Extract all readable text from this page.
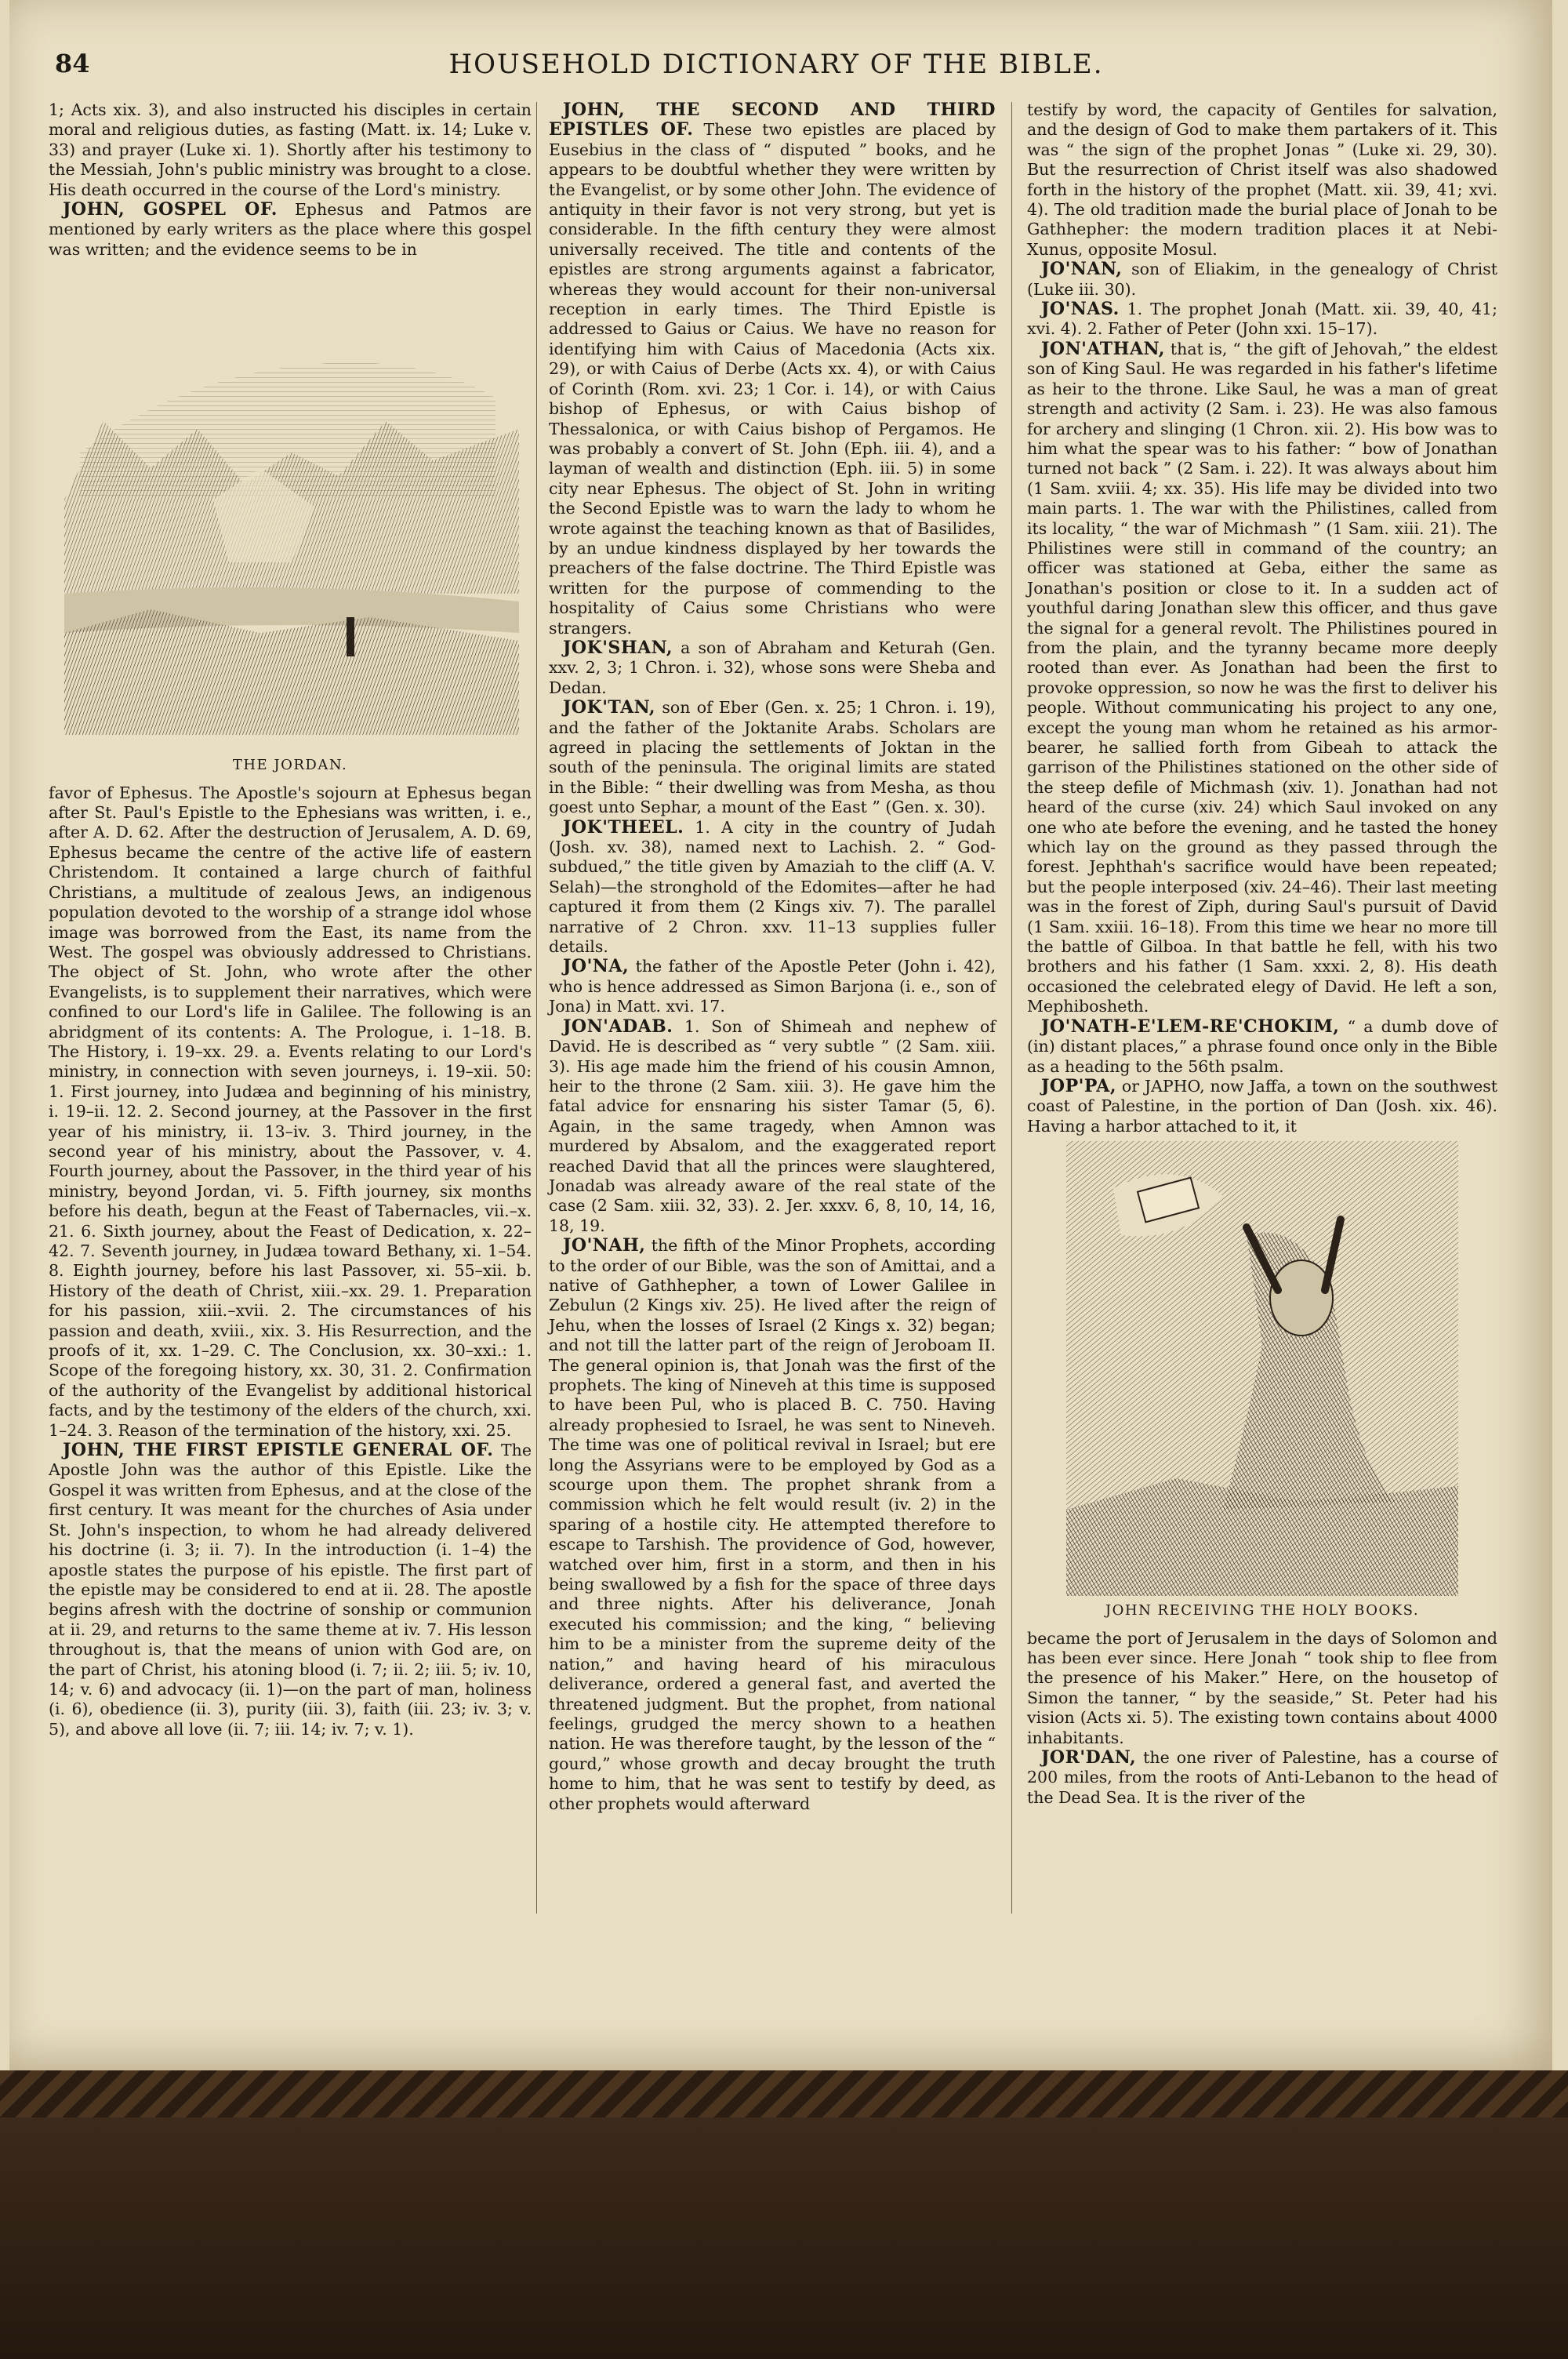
HOUSEHOLD DICTIONARY OF THE BIBLE.
84

1; Acts xix. 3), and also instructed his disciples in certain moral and religious duties, as fasting (Matt. ix. 14; Luke v. 33) and prayer (Luke xi. 1). Shortly after his testimony to the Messiah, John's public ministry was brought to a close. His death occurred in the course of the Lord's ministry.

JOHN, GOSPEL OF. Ephesus and Patmos are mentioned by early writers as the place where this gospel was written; and the evidence seems to be in

THE JORDAN.

favor of Ephesus. The Apostle's sojourn at Ephesus began after St. Paul's Epistle to the Ephesians was written, i. e., after A. D. 62. After the destruction of Jerusalem, A. D. 69, Ephesus became the centre of the active life of eastern Christendom. It contained a large church of faithful Christians, a multitude of zealous Jews, an indigenous population devoted to the worship of a strange idol whose image was borrowed from the East, its name from the West. The gospel was obviously addressed to Christians. The object of St. John, who wrote after the other Evangelists, is to supplement their narratives, which were confined to our Lord's life in Galilee. The following is an abridgment of its contents: A. The Prologue, i. 1–18. B. The History, i. 19–xx. 29. a. Events relating to our Lord's ministry, in connection with seven journeys, i. 19–xii. 50: 1. First journey, into Judæa and beginning of his ministry, i. 19–ii. 12. 2. Second journey, at the Passover in the first year of his ministry, ii. 13–iv. 3. Third journey, in the second year of his ministry, about the Passover, v. 4. Fourth journey, about the Passover, in the third year of his ministry, beyond Jordan, vi. 5. Fifth journey, six months before his death, begun at the Feast of Tabernacles, vii.–x. 21. 6. Sixth journey, about the Feast of Dedication, x. 22–42. 7. Seventh journey, in Judæa toward Bethany, xi. 1–54. 8. Eighth journey, before his last Passover, xi. 55–xii. b. History of the death of Christ, xiii.–xx. 29. 1. Preparation for his passion, xiii.–xvii. 2. The circumstances of his passion and death, xviii., xix. 3. His Resurrection, and the proofs of it, xx. 1–29. C. The Conclusion, xx. 30–xxi.: 1. Scope of the foregoing history, xx. 30, 31. 2. Confirmation of the authority of the Evangelist by additional historical facts, and by the testimony of the elders of the church, xxi. 1–24. 3. Reason of the termination of the history, xxi. 25.

JOHN, THE FIRST EPISTLE GENERAL OF. The Apostle John was the author of this Epistle. Like the Gospel it was written from Ephesus, and at the close of the first century. It was meant for the churches of Asia under St. John's inspection, to whom he had already delivered his doctrine (i. 3; ii. 7). In the introduction (i. 1–4) the apostle states the purpose of his epistle. The first part of the epistle may be considered to end at ii. 28. The apostle begins afresh with the doctrine of sonship or communion at ii. 29, and returns to the same theme at iv. 7. His lesson throughout is, that the means of union with God are, on the part of Christ, his atoning blood (i. 7; ii. 2; iii. 5; iv. 10, 14; v. 6) and advocacy (ii. 1)—on the part of man, holiness (i. 6), obedience (ii. 3), purity (iii. 3), faith (iii. 23; iv. 3; v. 5), and above all love (ii. 7; iii. 14; iv. 7; v. 1).

JOHN, THE SECOND AND THIRD EPISTLES OF. These two epistles are placed by Eusebius in the class of “ disputed ” books, and he appears to be doubtful whether they were written by the Evangelist, or by some other John. The evidence of antiquity in their favor is not very strong, but yet is considerable. In the fifth century they were almost universally received. The title and contents of the epistles are strong arguments against a fabricator, whereas they would account for their non-universal reception in early times. The Third Epistle is addressed to Gaius or Caius. We have no reason for identifying him with Caius of Macedonia (Acts xix. 29), or with Caius of Derbe (Acts xx. 4), or with Caius of Corinth (Rom. xvi. 23; 1 Cor. i. 14), or with Caius bishop of Ephesus, or with Caius bishop of Thessalonica, or with Caius bishop of Pergamos. He was probably a convert of St. John (Eph. iii. 4), and a layman of wealth and distinction (Eph. iii. 5) in some city near Ephesus. The object of St. John in writing the Second Epistle was to warn the lady to whom he wrote against the teaching known as that of Basilides, by an undue kindness displayed by her towards the preachers of the false doctrine. The Third Epistle was written for the purpose of commending to the hospitality of Caius some Christians who were strangers.

JOK'SHAN, a son of Abraham and Keturah (Gen. xxv. 2, 3; 1 Chron. i. 32), whose sons were Sheba and Dedan.

JOK'TAN, son of Eber (Gen. x. 25; 1 Chron. i. 19), and the father of the Joktanite Arabs. Scholars are agreed in placing the settlements of Joktan in the south of the peninsula. The original limits are stated in the Bible: “ their dwelling was from Mesha, as thou goest unto Sephar, a mount of the East ” (Gen. x. 30).

JOK'THEEL. 1. A city in the country of Judah (Josh. xv. 38), named next to Lachish. 2. “ God-subdued,” the title given by Amaziah to the cliff (A. V. Selah)—the stronghold of the Edomites—after he had captured it from them (2 Kings xiv. 7). The parallel narrative of 2 Chron. xxv. 11–13 supplies fuller details.

JO'NA, the father of the Apostle Peter (John i. 42), who is hence addressed as Simon Barjona (i. e., son of Jona) in Matt. xvi. 17.

JON'ADAB. 1. Son of Shimeah and nephew of David. He is described as “ very subtle ” (2 Sam. xiii. 3). His age made him the friend of his cousin Amnon, heir to the throne (2 Sam. xiii. 3). He gave him the fatal advice for ensnaring his sister Tamar (5, 6). Again, in the same tragedy, when Amnon was murdered by Absalom, and the exaggerated report reached David that all the princes were slaughtered, Jonadab was already aware of the real state of the case (2 Sam. xiii. 32, 33). 2. Jer. xxxv. 6, 8, 10, 14, 16, 18, 19.

JO'NAH, the fifth of the Minor Prophets, according to the order of our Bible, was the son of Amittai, and a native of Gathhepher, a town of Lower Galilee in Zebulun (2 Kings xiv. 25). He lived after the reign of Jehu, when the losses of Israel (2 Kings x. 32) began; and not till the latter part of the reign of Jeroboam II. The general opinion is, that Jonah was the first of the prophets. The king of Nineveh at this time is supposed to have been Pul, who is placed B. C. 750. Having already prophesied to Israel, he was sent to Nineveh. The time was one of political revival in Israel; but ere long the Assyrians were to be employed by God as a scourge upon them. The prophet shrank from a commission which he felt would result (iv. 2) in the sparing of a hostile city. He attempted therefore to escape to Tarshish. The providence of God, however, watched over him, first in a storm, and then in his being swallowed by a fish for the space of three days and three nights. After his deliverance, Jonah executed his commission; and the king, “ believing him to be a minister from the supreme deity of the nation,” and having heard of his miraculous deliverance, ordered a general fast, and averted the threatened judgment. But the prophet, from national feelings, grudged the mercy shown to a heathen nation. He was therefore taught, by the lesson of the “ gourd,” whose growth and decay brought the truth home to him, that he was sent to testify by deed, as other prophets would afterward

testify by word, the capacity of Gentiles for salvation, and the design of God to make them partakers of it. This was “ the sign of the prophet Jonas ” (Luke xi. 29, 30). But the resurrection of Christ itself was also shadowed forth in the history of the prophet (Matt. xii. 39, 41; xvi. 4). The old tradition made the burial place of Jonah to be Gathhepher: the modern tradition places it at Nebi-Xunus, opposite Mosul.

JO'NAN, son of Eliakim, in the genealogy of Christ (Luke iii. 30).

JO'NAS. 1. The prophet Jonah (Matt. xii. 39, 40, 41; xvi. 4). 2. Father of Peter (John xxi. 15–17).

JON'ATHAN, that is, “ the gift of Jehovah,” the eldest son of King Saul. He was regarded in his father's lifetime as heir to the throne. Like Saul, he was a man of great strength and activity (2 Sam. i. 23). He was also famous for archery and slinging (1 Chron. xii. 2). His bow was to him what the spear was to his father: “ bow of Jonathan turned not back ” (2 Sam. i. 22). It was always about him (1 Sam. xviii. 4; xx. 35). His life may be divided into two main parts. 1. The war with the Philistines, called from its locality, “ the war of Michmash ” (1 Sam. xiii. 21). The Philistines were still in command of the country; an officer was stationed at Geba, either the same as Jonathan's position or close to it. In a sudden act of youthful daring Jonathan slew this officer, and thus gave the signal for a general revolt. The Philistines poured in from the plain, and the tyranny became more deeply rooted than ever. As Jonathan had been the first to provoke oppression, so now he was the first to deliver his people. Without communicating his project to any one, except the young man whom he retained as his armor-bearer, he sallied forth from Gibeah to attack the garrison of the Philistines stationed on the other side of the steep defile of Michmash (xiv. 1). Jonathan had not heard of the curse (xiv. 24) which Saul invoked on any one who ate before the evening, and he tasted the honey which lay on the ground as they passed through the forest. Jephthah's sacrifice would have been repeated; but the people interposed (xiv. 24–46). Their last meeting was in the forest of Ziph, during Saul's pursuit of David (1 Sam. xxiii. 16–18). From this time we hear no more till the battle of Gilboa. In that battle he fell, with his two brothers and his father (1 Sam. xxxi. 2, 8). His death occasioned the celebrated elegy of David. He left a son, Mephibosheth.

JO'NATH-E'LEM-RE'CHOKIM, “ a dumb dove of (in) distant places,” a phrase found once only in the Bible as a heading to the 56th psalm.

JOP'PA, or JAPHO, now Jaffa, a town on the southwest coast of Palestine, in the portion of Dan (Josh. xix. 46). Having a harbor attached to it, it

JOHN RECEIVING THE HOLY BOOKS.

became the port of Jerusalem in the days of Solomon and has been ever since. Here Jonah “ took ship to flee from the presence of his Maker.” Here, on the housetop of Simon the tanner, “ by the seaside,” St. Peter had his vision (Acts xi. 5). The existing town contains about 4000 inhabitants.

JOR'DAN, the one river of Palestine, has a course of 200 miles, from the roots of Anti-Lebanon to the head of the Dead Sea. It is the river of the
